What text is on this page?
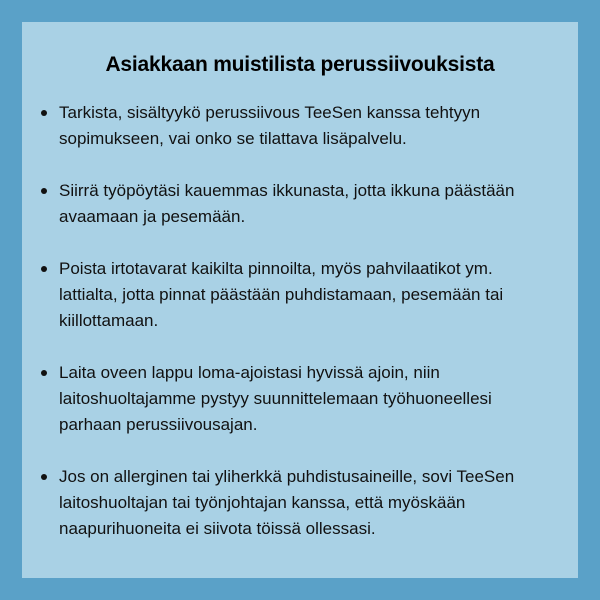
Asiakkaan muistilista perussiivouksista
Tarkista, sisältyykö perussiivous TeeSen kanssa tehtyyn sopimukseen, vai onko se tilattava lisäpalvelu.
Siirrä työpöytäsi kauemmas ikkunasta, jotta ikkuna päästään avaamaan ja pesemään.
Poista irtotavarat kaikilta pinnoilta, myös pahvilaatikot ym. lattialta, jotta pinnat päästään puhdistamaan, pesemään tai kiillottamaan.
Laita oveen lappu loma-ajoistasi hyvissä ajoin, niin laitoshuoltajamme pystyy suunnittelemaan työhuoneellesi parhaan perussiivousajan.
Jos on allerginen tai yliherkkä puhdistusaineille, sovi TeeSen laitoshuoltajan tai työnjohtajan kanssa, että myöskään naapurihuoneita ei siivota töissä ollessasi.
